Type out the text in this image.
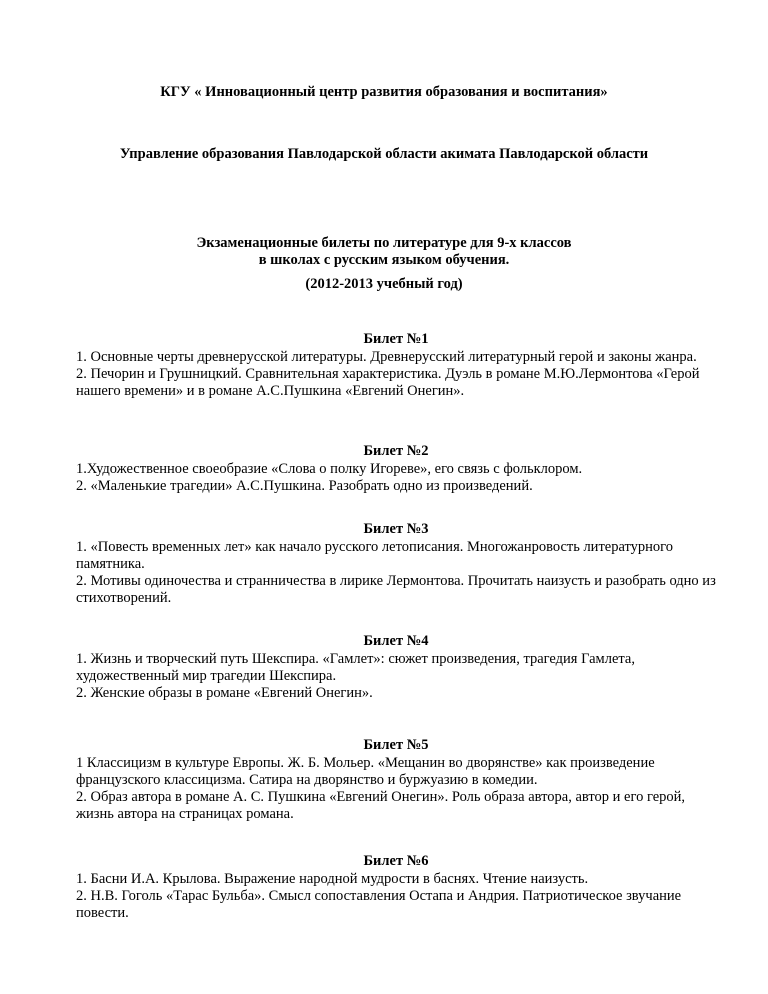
КГУ « Инновационный центр развития образования и воспитания»

Управление образования Павлодарской области акимата Павлодарской области

Экзаменационные билеты по литературе для 9-х классов

в школах с русским языком обучения.

(2012-2013 учебный год)

Билет №1

1. Основные черты древнерусской литературы. Древнерусский литературный герой и законы жанра.

2. Печорин и Грушницкий. Сравнительная характеристика. Дуэль в романе М.Ю.Лермонтова «Герой нашего времени» и в романе А.С.Пушкина «Евгений Онегин».

Билет №2

1.Художественное своеобразие «Слова о полку Игореве», его связь с фольклором.

2. «Маленькие трагедии» А.С.Пушкина. Разобрать одно из произведений.

Билет №3

1. «Повесть временных лет» как начало русского летописания. Многожанровость литературного памятника.

2. Мотивы одиночества и странничества в лирике Лермонтова. Прочитать наизусть и разобрать одно из стихотворений.

Билет №4

1. Жизнь и творческий путь Шекспира. «Гамлет»: сюжет произведения, трагедия Гамлета, художественный мир трагедии Шекспира.

2. Женские образы в романе «Евгений Онегин».

Билет №5

1 Классицизм в культуре Европы. Ж. Б. Мольер. «Мещанин во дворянстве» как произведение французского классицизма. Сатира на дворянство и буржуазию в комедии.

2. Образ автора в романе А. С. Пушкина «Евгений Онегин». Роль образа автора, автор и его герой, жизнь автора на страницах романа.

Билет №6

1. Басни И.А. Крылова. Выражение народной мудрости в баснях. Чтение наизусть.

2. Н.В. Гоголь «Тарас Бульба». Смысл сопоставления Остапа и Андрия. Патриотическое звучание повести.
